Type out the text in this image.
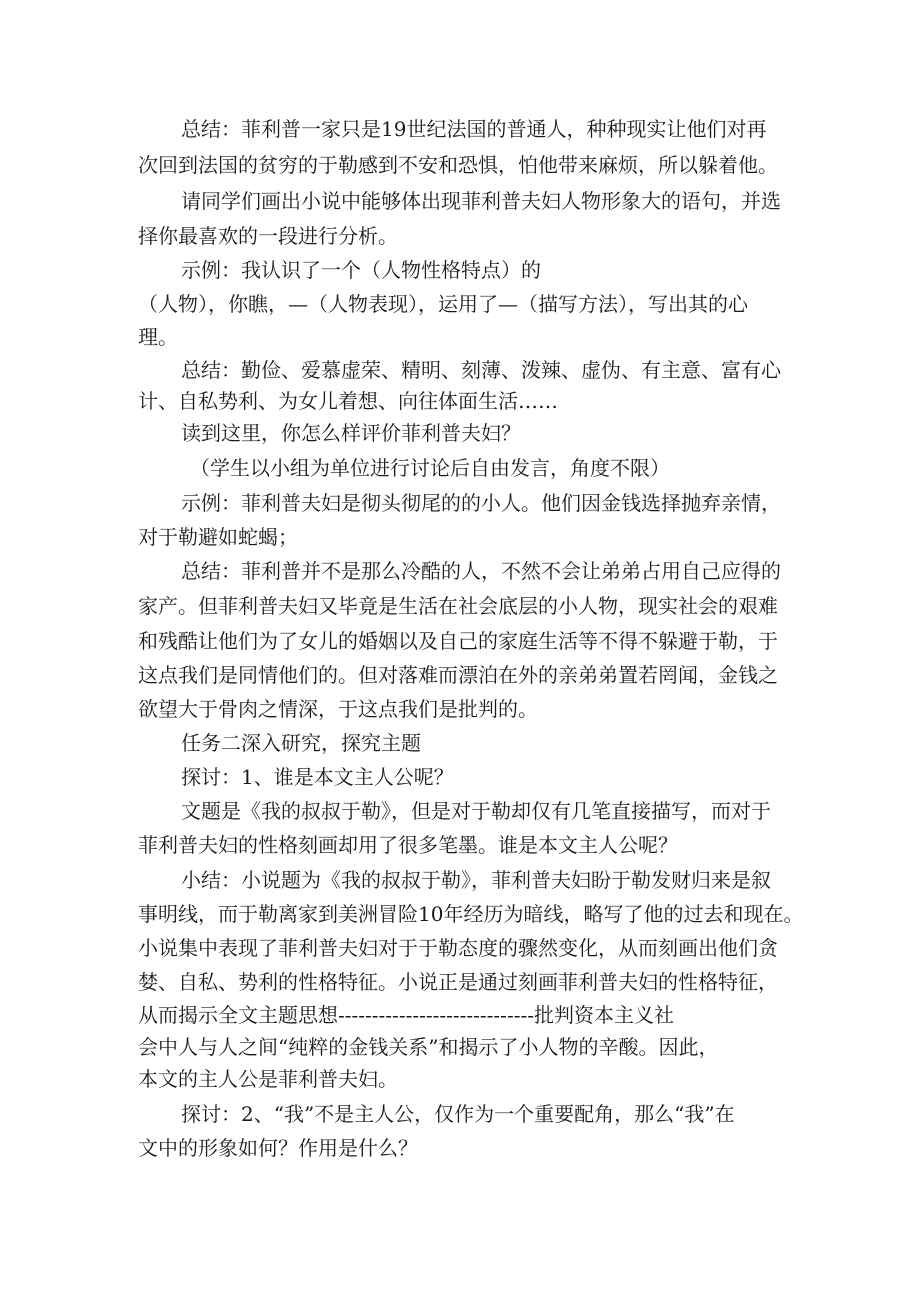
总结：菲利普一家只是19世纪法国的普通人，种种现实让他们对再
次回到法国的贫穷的于勒感到不安和恐惧，怕他带来麻烦，所以躲着他。
请同学们画出小说中能够体出现菲利普夫妇人物形象大的语句，并选
择你最喜欢的一段进行分析。
示例：我认识了一个（人物性格特点）的
（人物），你瞧，—（人物表现），运用了—（描写方法），写出其的心
理。
总结：勤俭、爱慕虚荣、精明、刻薄、泼辣、虚伪、有主意、富有心
计、自私势利、为女儿着想、向往体面生活……
读到这里，你怎么样评价菲利普夫妇？
（学生以小组为单位进行讨论后自由发言，角度不限）
示例：菲利普夫妇是彻头彻尾的的小人。他们因金钱选择抛弃亲情，
对于勒避如蛇蝎；
总结：菲利普并不是那么冷酷的人，不然不会让弟弟占用自己应得的
家产。但菲利普夫妇又毕竟是生活在社会底层的小人物，现实社会的艰难
和残酷让他们为了女儿的婚姻以及自己的家庭生活等不得不躲避于勒，于
这点我们是同情他们的。但对落难而漂泊在外的亲弟弟置若罔闻，金钱之
欲望大于骨肉之情深，于这点我们是批判的。
任务二深入研究，探究主题
探讨：1、谁是本文主人公呢？
文题是《我的叔叔于勒》，但是对于勒却仅有几笔直接描写，而对于
菲利普夫妇的性格刻画却用了很多笔墨。谁是本文主人公呢？
小结：小说题为《我的叔叔于勒》，菲利普夫妇盼于勒发财归来是叙
事明线，而于勒离家到美洲冒险10年经历为暗线，略写了他的过去和现在。
小说集中表现了菲利普夫妇对于于勒态度的骤然变化，从而刻画出他们贪
婪、自私、势利的性格特征。小说正是通过刻画菲利普夫妇的性格特征，
从而揭示全文主题思想-----------------------------批判资本主义社
会中人与人之间“纯粹的金钱关系”和揭示了小人物的辛酸。因此，
本文的主人公是菲利普夫妇。
探讨：2、“我”不是主人公，仅作为一个重要配角，那么“我”在
文中的形象如何？作用是什么？
